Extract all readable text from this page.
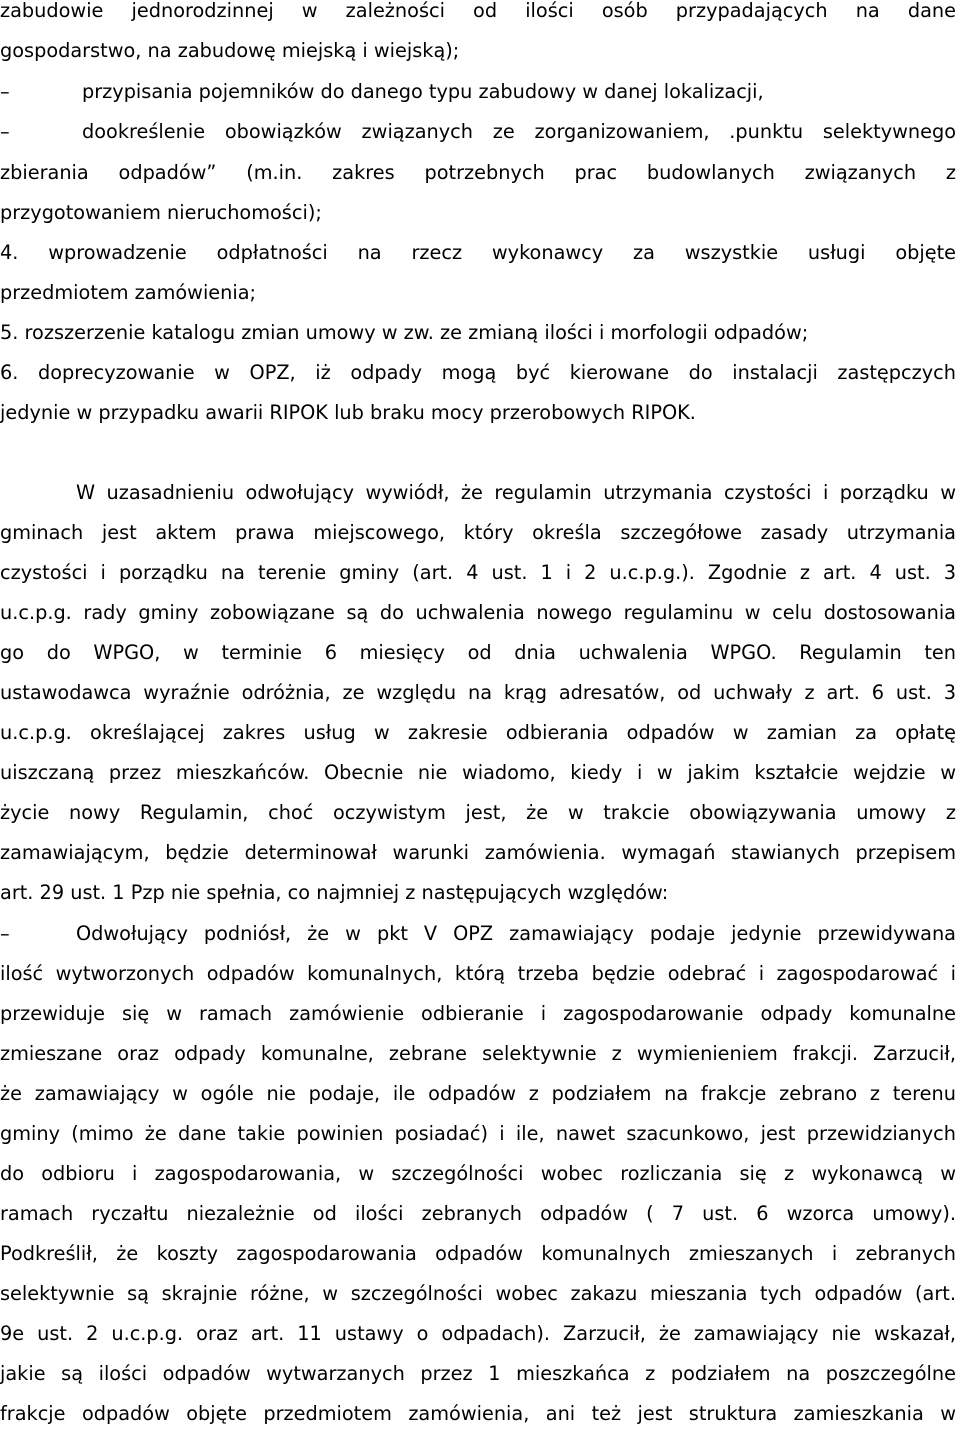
zabudowie jednorodzinnej w zależności od ilości osób przypadających na dane
gospodarstwo, na zabudowę miejską i wiejską);
–	przypisania pojemników do danego typu zabudowy w danej lokalizacji,
–	dookreślenie obowiązków związanych ze zorganizowaniem, .punktu selektywnego
zbierania odpadów” (m.in. zakres potrzebnych prac budowlanych związanych z
przygotowaniem nieruchomości);
4. wprowadzenie odpłatności na rzecz wykonawcy za wszystkie usługi objęte
przedmiotem zamówienia;
5. rozszerzenie katalogu zmian umowy w zw. ze zmianą ilości i morfologii odpadów;
6. doprecyzowanie w OPZ, iż odpady mogą być kierowane do instalacji zastępczych
jedynie w przypadku awarii RIPOK lub braku mocy przerobowych RIPOK.
W uzasadnieniu odwołujący wywiódł, że regulamin utrzymania czystości i porządku w
gminach jest aktem prawa miejscowego, który określa szczegółowe zasady utrzymania
czystości i porządku na terenie gminy (art. 4 ust. 1 i 2 u.c.p.g.). Zgodnie z art. 4 ust. 3
u.c.p.g. rady gminy zobowiązane są do uchwalenia nowego regulaminu w celu dostosowania
go do WPGO, w terminie 6 miesięcy od dnia uchwalenia WPGO. Regulamin ten
ustawodawca wyraźnie odróżnia, ze względu na krąg adresatów, od uchwały z art. 6 ust. 3
u.c.p.g. określającej zakres usług w zakresie odbierania odpadów w zamian za opłatę
uiszczaną przez mieszkańców. Obecnie nie wiadomo, kiedy i w jakim kształcie wejdzie w
życie nowy Regulamin, choć oczywistym jest, że w trakcie obowiązywania umowy z
zamawiającym, będzie determinował warunki zamówienia. wymagań stawianych przepisem
art. 29 ust. 1 Pzp nie spełnia, co najmniej z następujących względów:
–	Odwołujący podniósł, że w pkt V OPZ zamawiający podaje jedynie przewidywana
ilość wytworzonych odpadów komunalnych, którą trzeba będzie odebrać i zagospodarować i
przewiduje się w ramach zamówienie odbieranie i zagospodarowanie odpady komunalne
zmieszane oraz odpady komunalne, zebrane selektywnie z wymienieniem frakcji. Zarzucił,
że zamawiający w ogóle nie podaje, ile odpadów z podziałem na frakcje zebrano z terenu
gminy (mimo że dane takie powinien posiadać) i ile, nawet szacunkowo, jest przewidzianych
do odbioru i zagospodarowania, w szczególności wobec rozliczania się z wykonawcą w
ramach ryczałtu niezależnie od ilości zebranych odpadów ( 7 ust. 6 wzorca umowy).
Podkreślił, że koszty zagospodarowania odpadów komunalnych zmieszanych i zebranych
selektywnie są skrajnie różne, w szczególności wobec zakazu mieszania tych odpadów (art.
9e ust. 2 u.c.p.g. oraz art. 11 ustawy o odpadach). Zarzucił, że zamawiający nie wskazał,
jakie są ilości odpadów wytwarzanych przez 1 mieszkańca z podziałem na poszczególne
frakcje odpadów objęte przedmiotem zamówienia, ani też jest struktura zamieszkania w
